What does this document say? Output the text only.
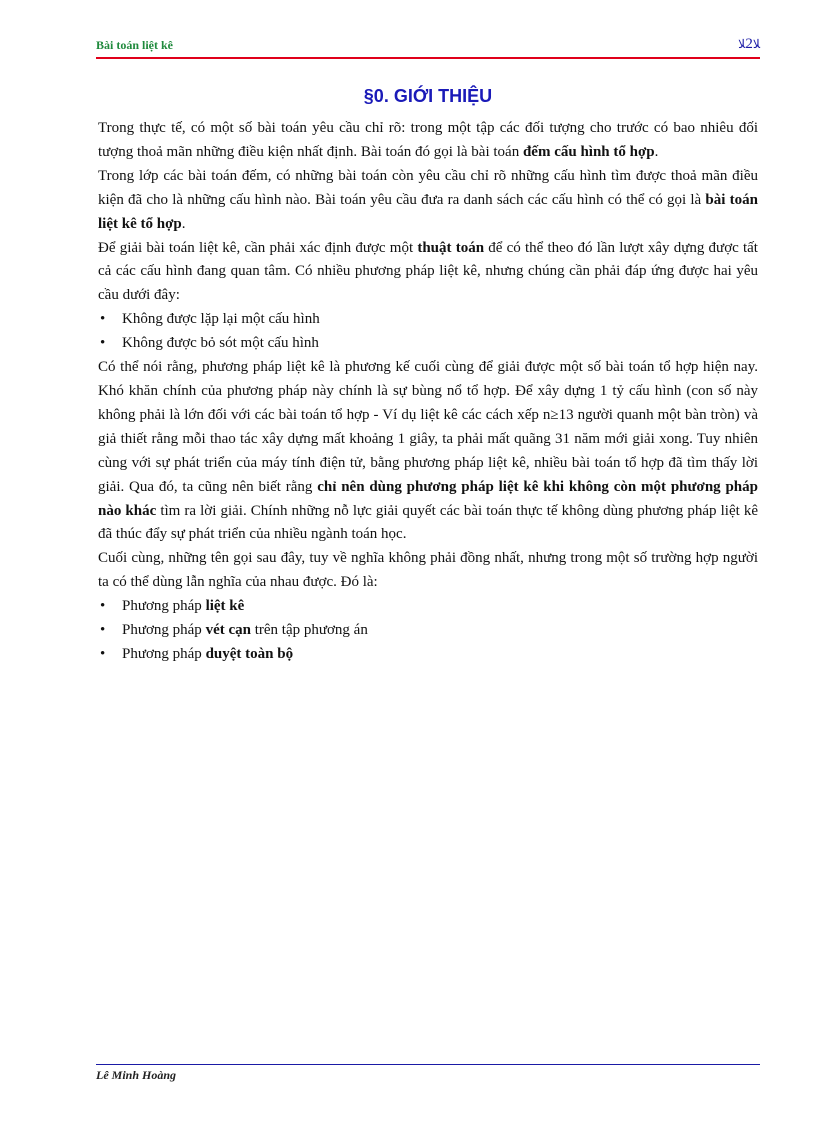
Bài toán liệt kê	ﻼ2ﻼ
§0. GIỚI THIỆU

Trong thực tế, có một số bài toán yêu cầu chỉ rõ: trong một tập các đối tượng cho trước có bao nhiêu đối tượng thoả mãn những điều kiện nhất định. Bài toán đó gọi là bài toán đếm cấu hình tổ hợp.

Trong lớp các bài toán đếm, có những bài toán còn yêu cầu chỉ rõ những cấu hình tìm được thoả mãn điều kiện đã cho là những cấu hình nào. Bài toán yêu cầu đưa ra danh sách các cấu hình có thể có gọi là bài toán liệt kê tổ hợp.

Để giải bài toán liệt kê, cần phải xác định được một thuật toán để có thể theo đó lần lượt xây dựng được tất cả các cấu hình đang quan tâm. Có nhiều phương pháp liệt kê, nhưng chúng cần phải đáp ứng được hai yêu cầu dưới đây:

• Không được lặp lại một cấu hình
• Không được bỏ sót một cấu hình

Có thể nói rằng, phương pháp liệt kê là phương kế cuối cùng để giải được một số bài toán tổ hợp hiện nay. Khó khăn chính của phương pháp này chính là sự bùng nổ tổ hợp. Để xây dựng 1 tỷ cấu hình (con số này không phải là lớn đối với các bài toán tổ hợp - Ví dụ liệt kê các cách xếp n≥13 người quanh một bàn tròn) và giả thiết rằng mỗi thao tác xây dựng mất khoảng 1 giây, ta phải mất quãng 31 năm mới giải xong. Tuy nhiên cùng với sự phát triển của máy tính điện tử, bằng phương pháp liệt kê, nhiều bài toán tổ hợp đã tìm thấy lời giải. Qua đó, ta cũng nên biết rằng chỉ nên dùng phương pháp liệt kê khi không còn một phương pháp nào khác tìm ra lời giải. Chính những nỗ lực giải quyết các bài toán thực tế không dùng phương pháp liệt kê đã thúc đẩy sự phát triển của nhiều ngành toán học.

Cuối cùng, những tên gọi sau đây, tuy về nghĩa không phải đồng nhất, nhưng trong một số trường hợp người ta có thể dùng lẫn nghĩa của nhau được. Đó là:

• Phương pháp liệt kê
• Phương pháp vét cạn trên tập phương án
• Phương pháp duyệt toàn bộ
Lê Minh Hoàng
